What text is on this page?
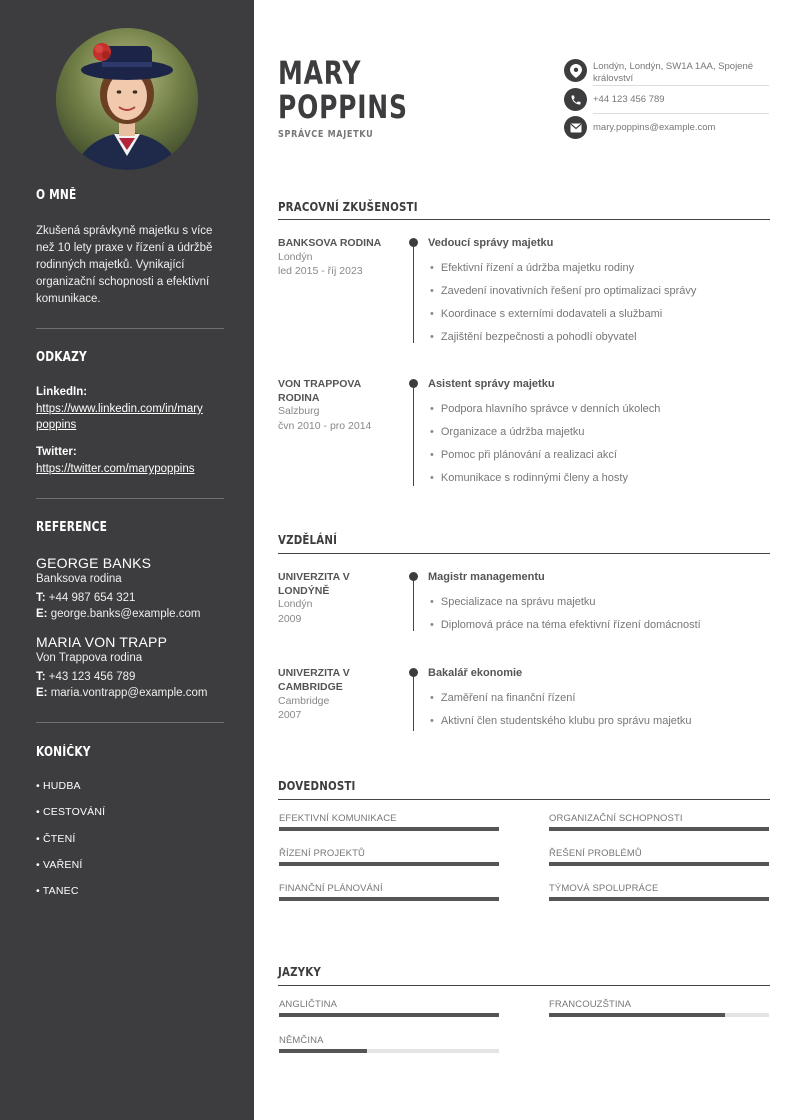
O MNĚ
Zkušená správkyně majetku s více než 10 lety praxe v řízení a údržbě rodinných majetků. Vynikající organizační schopnosti a efektivní komunikace.
ODKAZY
LinkedIn:
https://www.linkedin.com/in/mary poppins
Twitter:
https://twitter.com/marypoppins
REFERENCE
GEORGE BANKS
Banksova rodina
T: +44 987 654 321
E: george.banks@example.com
MARIA VON TRAPP
Von Trappova rodina
T: +43 123 456 789
E: maria.vontrapp@example.com
KONÍČKY
• HUDBA
• CESTOVÁNÍ
• ČTENÍ
• VAŘENÍ
• TANEC
MARY
POPPINS
SPRÁVCE MAJETKU
Londýn, Londýn, SW1A 1AA, Spojené království
+44 123 456 789
mary.poppins@example.com
PRACOVNÍ ZKUŠENOSTI
BANKSOVA RODINA
Londýn
led 2015 - říj 2023
Vedoucí správy majetku
• Efektivní řízení a údržba majetku rodiny
• Zavedení inovativních řešení pro optimalizaci správy
• Koordinace s externími dodavateli a službami
• Zajištění bezpečnosti a pohodlí obyvatel
VON TRAPPOVA RODINA
Salzburg
čvn 2010 - pro 2014
Asistent správy majetku
• Podpora hlavního správce v denních úkolech
• Organizace a údržba majetku
• Pomoc při plánování a realizaci akcí
• Komunikace s rodinnými členy a hosty
VZDĚLÁNÍ
UNIVERZITA V LONDÝNĚ
Londýn
2009
Magistr managementu
• Specializace na správu majetku
• Diplomová práce na téma efektivní řízení domácností
UNIVERZITA V CAMBRIDGE
Cambridge
2007
Bakalář ekonomie
• Zaměření na finanční řízení
• Aktivní člen studentského klubu pro správu majetku
DOVEDNOSTI
EFEKTIVNÍ KOMUNIKACE	ORGANIZAČNÍ SCHOPNOSTI
ŘÍZENÍ PROJEKTŮ	ŘEŠENÍ PROBLÉMŮ
FINANČNÍ PLÁNOVÁNÍ	TÝMOVÁ SPOLUPRÁCE
JAZYKY
ANGLIČTINA	FRANCOUZŠTINA
NĚMČINA
